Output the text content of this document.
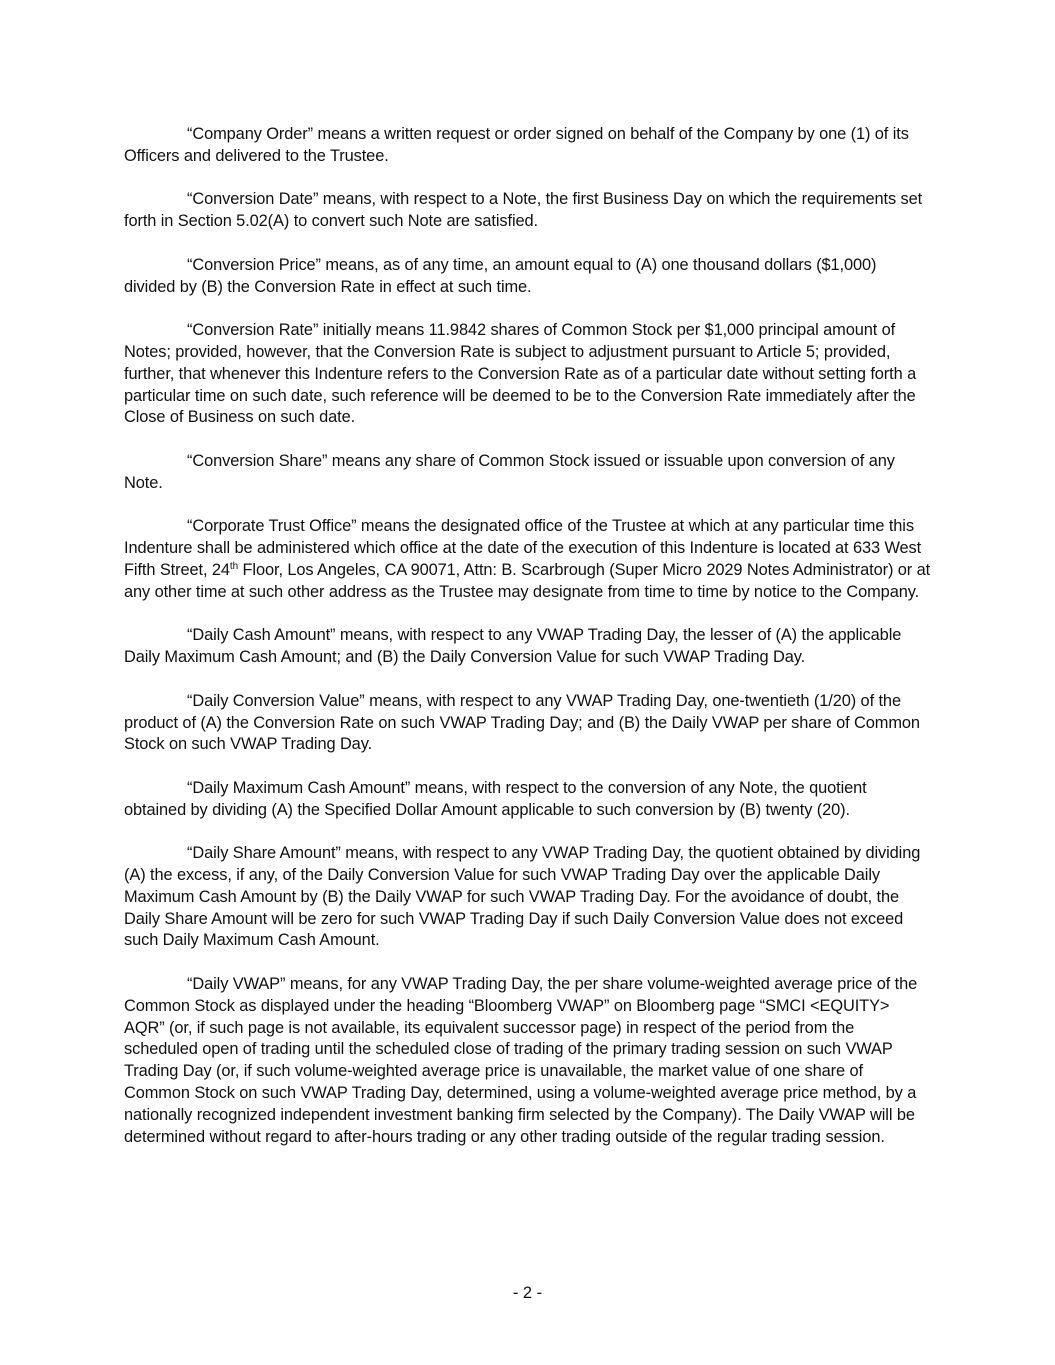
“Company Order” means a written request or order signed on behalf of the Company by one (1) of its Officers and delivered to the Trustee.

“Conversion Date” means, with respect to a Note, the first Business Day on which the requirements set forth in Section 5.02(A) to convert such Note are satisfied.

“Conversion Price” means, as of any time, an amount equal to (A) one thousand dollars ($1,000) divided by (B) the Conversion Rate in effect at such time.

“Conversion Rate” initially means 11.9842 shares of Common Stock per $1,000 principal amount of Notes; provided, however, that the Conversion Rate is subject to adjustment pursuant to Article 5; provided, further, that whenever this Indenture refers to the Conversion Rate as of a particular date without setting forth a particular time on such date, such reference will be deemed to be to the Conversion Rate immediately after the Close of Business on such date.

“Conversion Share” means any share of Common Stock issued or issuable upon conversion of any Note.

“Corporate Trust Office” means the designated office of the Trustee at which at any particular time this Indenture shall be administered which office at the date of the execution of this Indenture is located at 633 West Fifth Street, 24th Floor, Los Angeles, CA 90071, Attn: B. Scarbrough (Super Micro 2029 Notes Administrator) or at any other time at such other address as the Trustee may designate from time to time by notice to the Company.

“Daily Cash Amount” means, with respect to any VWAP Trading Day, the lesser of (A) the applicable Daily Maximum Cash Amount; and (B) the Daily Conversion Value for such VWAP Trading Day.

“Daily Conversion Value” means, with respect to any VWAP Trading Day, one-twentieth (1/20) of the product of (A) the Conversion Rate on such VWAP Trading Day; and (B) the Daily VWAP per share of Common Stock on such VWAP Trading Day.

“Daily Maximum Cash Amount” means, with respect to the conversion of any Note, the quotient obtained by dividing (A) the Specified Dollar Amount applicable to such conversion by (B) twenty (20).

“Daily Share Amount” means, with respect to any VWAP Trading Day, the quotient obtained by dividing (A) the excess, if any, of the Daily Conversion Value for such VWAP Trading Day over the applicable Daily Maximum Cash Amount by (B) the Daily VWAP for such VWAP Trading Day. For the avoidance of doubt, the Daily Share Amount will be zero for such VWAP Trading Day if such Daily Conversion Value does not exceed such Daily Maximum Cash Amount.

“Daily VWAP” means, for any VWAP Trading Day, the per share volume-weighted average price of the Common Stock as displayed under the heading “Bloomberg VWAP” on Bloomberg page “SMCI <EQUITY> AQR” (or, if such page is not available, its equivalent successor page) in respect of the period from the scheduled open of trading until the scheduled close of trading of the primary trading session on such VWAP Trading Day (or, if such volume-weighted average price is unavailable, the market value of one share of Common Stock on such VWAP Trading Day, determined, using a volume-weighted average price method, by a nationally recognized independent investment banking firm selected by the Company). The Daily VWAP will be determined without regard to after-hours trading or any other trading outside of the regular trading session.

- 2 -
